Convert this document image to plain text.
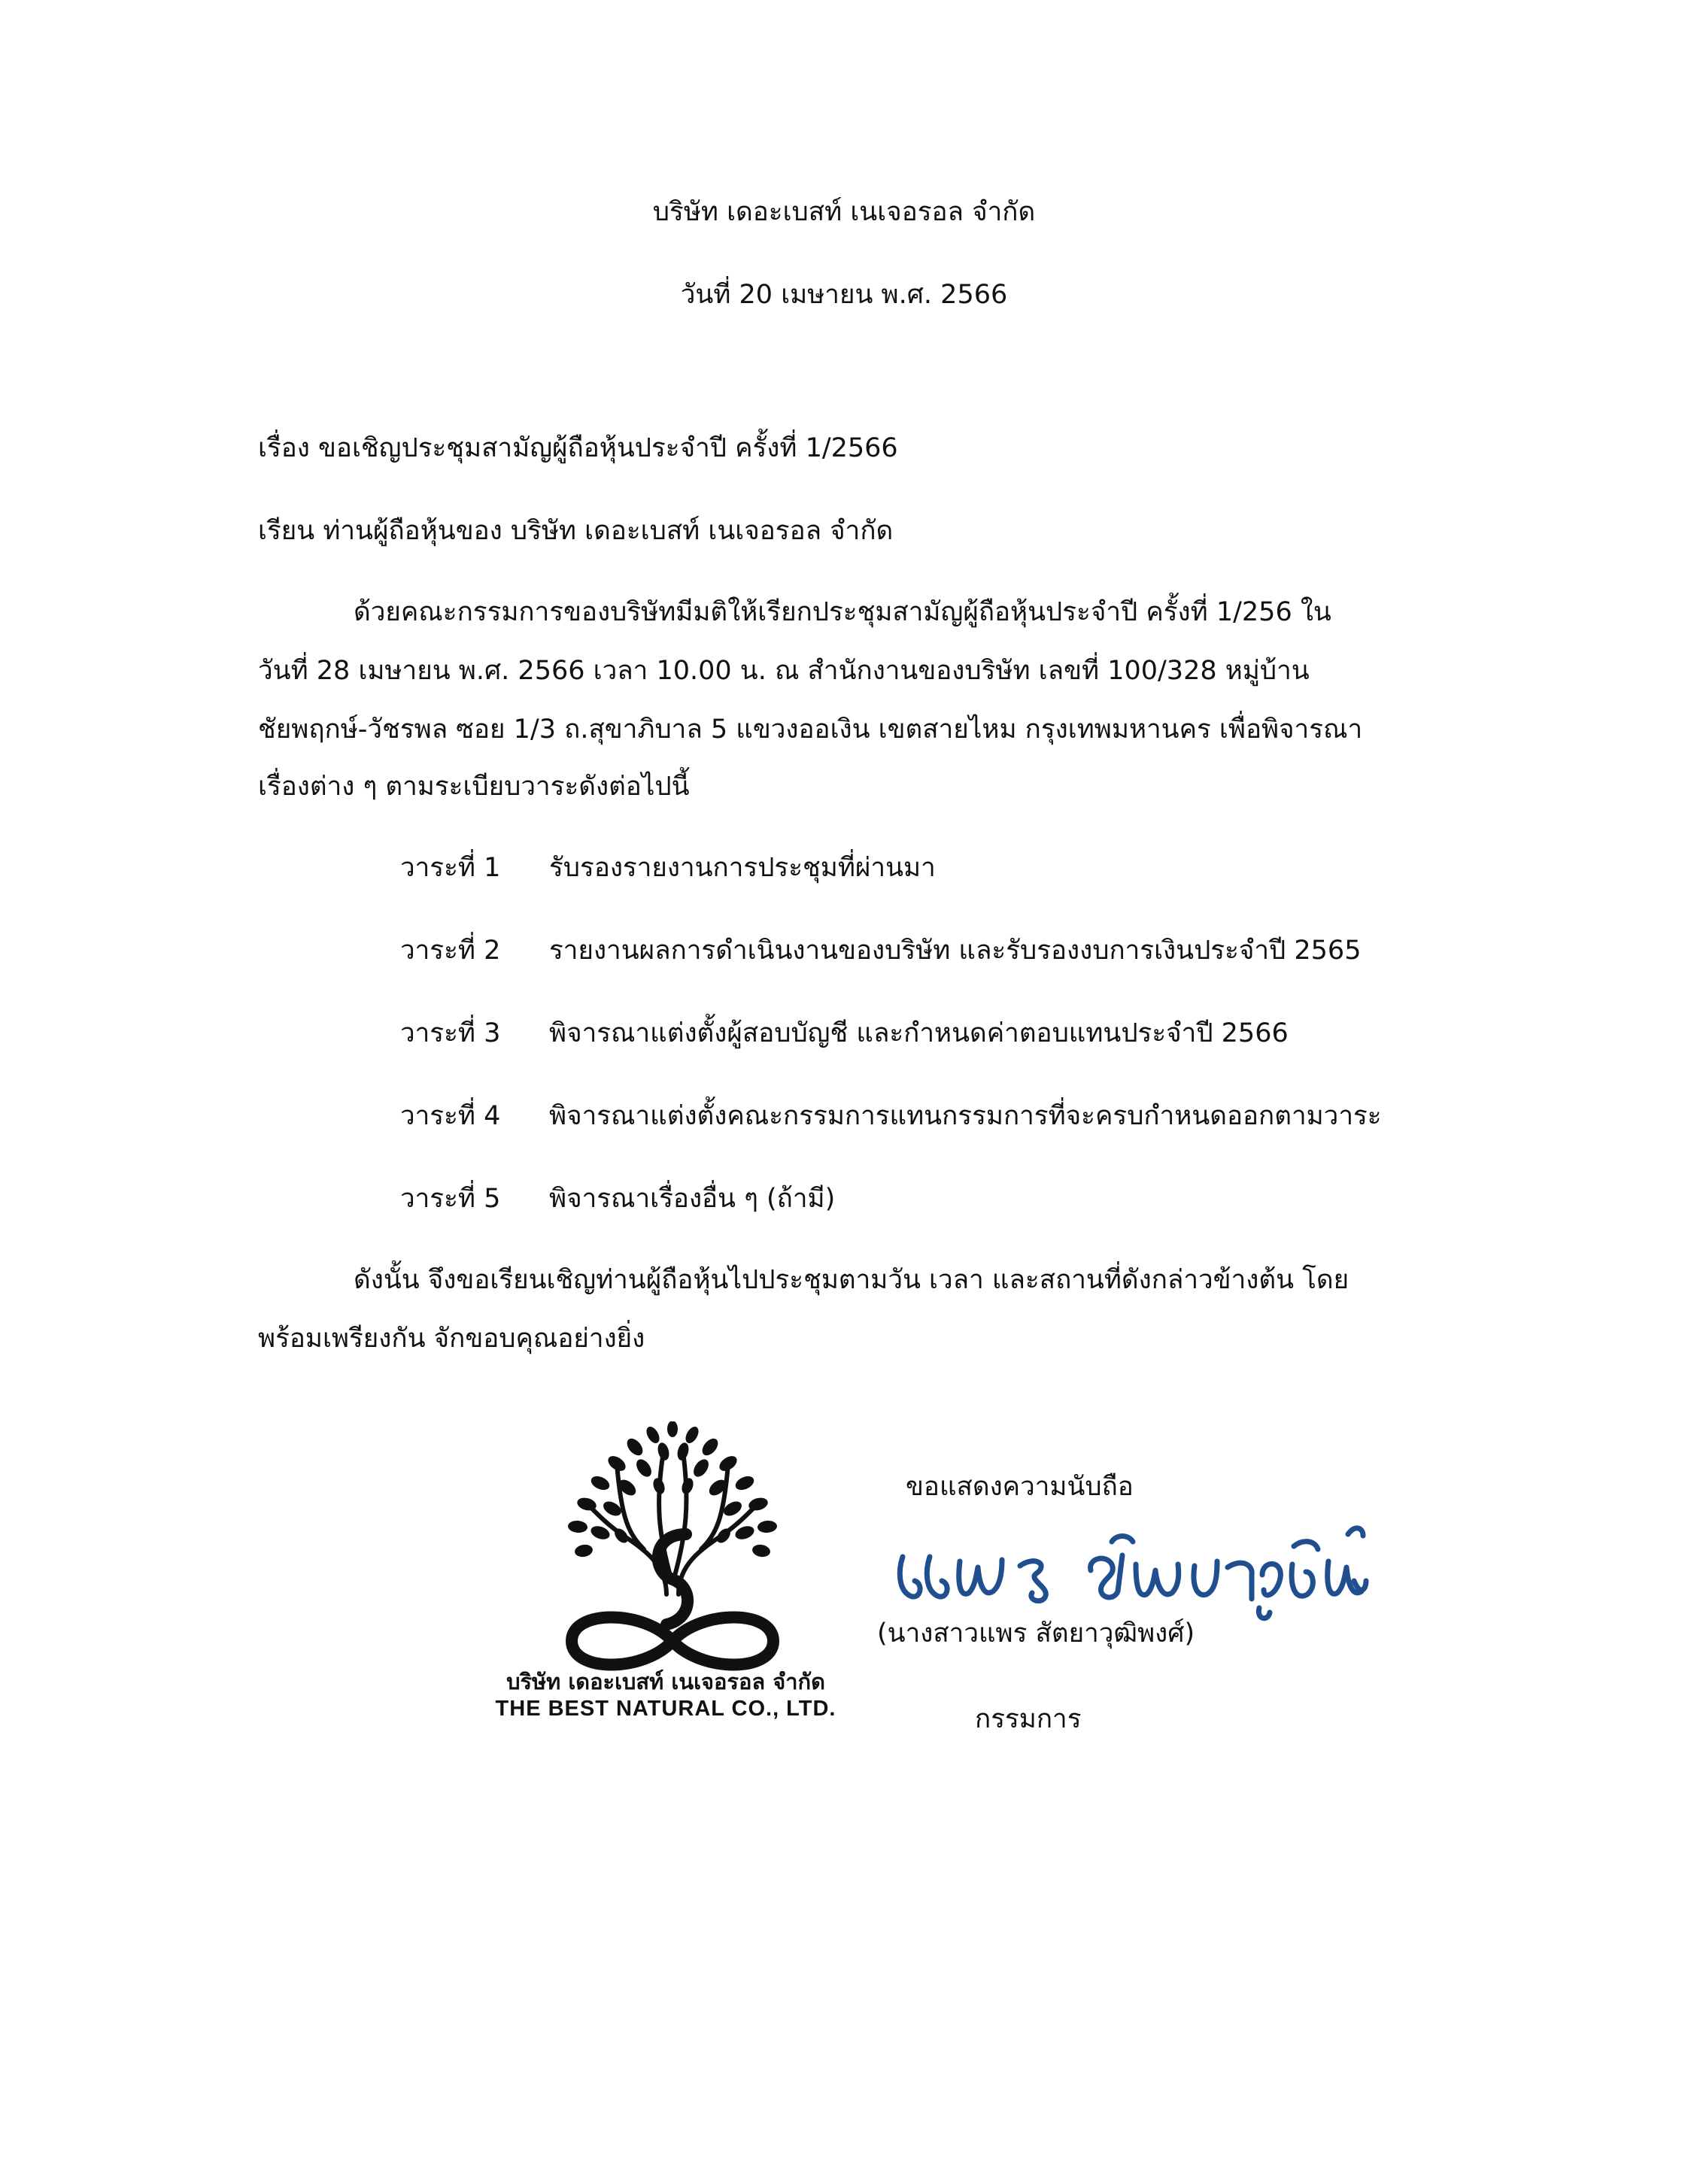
บริษัท เดอะเบสท์ เนเจอรอล จำกัด
วันที่ 20 เมษายน พ.ศ. 2566
เรื่อง ขอเชิญประชุมสามัญผู้ถือหุ้นประจำปี ครั้งที่ 1/2566
เรียน ท่านผู้ถือหุ้นของ บริษัท เดอะเบสท์ เนเจอรอล จำกัด
ด้วยคณะกรรมการของบริษัทมีมติให้เรียกประชุมสามัญผู้ถือหุ้นประจำปี ครั้งที่ 1/256 ใน
วันที่ 28 เมษายน พ.ศ. 2566 เวลา 10.00 น. ณ สำนักงานของบริษัท เลขที่ 100/328 หมู่บ้าน
ชัยพฤกษ์-วัชรพล ซอย 1/3 ถ.สุขาภิบาล 5 แขวงออเงิน เขตสายไหม กรุงเทพมหานคร เพื่อพิจารณา
เรื่องต่าง ๆ ตามระเบียบวาระดังต่อไปนี้
วาระที่ 1 รับรองรายงานการประชุมที่ผ่านมา
วาระที่ 2 รายงานผลการดำเนินงานของบริษัท และรับรองงบการเงินประจำปี 2565
วาระที่ 3 พิจารณาแต่งตั้งผู้สอบบัญชี และกำหนดค่าตอบแทนประจำปี 2566
วาระที่ 4 พิจารณาแต่งตั้งคณะกรรมการแทนกรรมการที่จะครบกำหนดออกตามวาระ
วาระที่ 5 พิจารณาเรื่องอื่น ๆ (ถ้ามี)
ดังนั้น จึงขอเรียนเชิญท่านผู้ถือหุ้นไปประชุมตามวัน เวลา และสถานที่ดังกล่าวข้างต้น โดย
พร้อมเพรียงกัน จักขอบคุณอย่างยิ่ง
บริษัท เดอะเบสท์ เนเจอรอล จำกัด
THE BEST NATURAL CO., LTD.
ขอแสดงความนับถือ
(นางสาวแพร สัตยาวุฒิพงศ์)
กรรมการ
